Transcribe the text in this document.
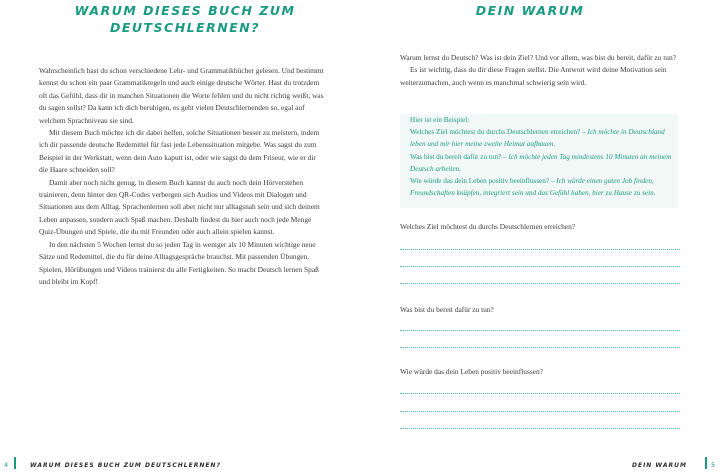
WARUM DIESES BUCH ZUM
DEUTSCHLERNEN?

Wahrscheinlich hast du schon verschiedene Lehr- und Grammatikbücher gelesen. Und bestimmt kennst du schon ein paar Grammatikregeln und auch einige deutsche Wörter. Hast du trotzdem oft das Gefühl, dass dir in manchen Situationen die Worte fehlen und du nicht richtig weißt, was du sagen sollst? Da kann ich dich beruhigen, es geht vielen Deutschlernenden so, egal auf welchem Sprachniveau sie sind.

Mit diesem Buch möchte ich dir dabei helfen, solche Situationen besser zu meistern, indem ich dir passende deutsche Redemittel für fast jede Lebenssituation mitgebe. Was sagst du zum Beispiel in der Werkstatt, wenn dein Auto kaputt ist, oder wie sagst du dem Friseur, wie er dir die Haare schneiden soll?

Damit aber noch nicht genug, in diesem Buch kannst du auch noch dein Hörverstehen trainieren, denn hinter den QR-Codes verbergen sich Audios und Videos mit Dialogen und Situationen aus dem Alltag. Sprachenlernen soll aber nicht nur alltagsnah sein und sich deinem Leben anpassen, sondern auch Spaß machen. Deshalb findest du hier auch noch jede Menge Quiz-Übungen und Spiele, die du mit Freunden oder auch allein spielen kannst.

In den nächsten 5 Wochen lernst du so jeden Tag in weniger als 10 Minuten wichtige neue Sätze und Redemittel, die du für deine Alltagsgespräche brauchst. Mit passenden Übungen, Spielen, Hörübungen und Videos trainierst du alle Fertigkeiten. So macht Deutsch lernen Spaß und bleibt im Kopf!

DEIN WARUM

Warum lernst du Deutsch? Was ist dein Ziel? Und vor allem, was bist du bereit, dafür zu tun?

Es ist wichtig, dass du dir diese Fragen stellst. Die Antwort wird deine Motivation sein weiterzumachen, auch wenn es manchmal schwierig sein wird.

Hier ist ein Beispiel:
Welches Ziel möchtest du durchs Deutschlernen erreichen? – Ich möchte in Deutschland leben und mir hier meine zweite Heimat aufbauen.
Was bist du bereit dafür zu tun? – Ich möchte jeden Tag mindestens 10 Minuten an meinem Deutsch arbeiten.
Wie würde das dein Leben positiv beeinflussen? – Ich würde einen guten Job finden, Freundschaften knüpfen, integriert sein und das Gefühl haben, hier zu Hause zu sein.

Welches Ziel möchtest du durchs Deutschlernen erreichen?

Was bist du bereit dafür zu tun?

Wie würde das dein Leben positiv beeinflussen?

4	WARUM DIESES BUCH ZUM DEUTSCHLERNEN?	DEIN WARUM	5
